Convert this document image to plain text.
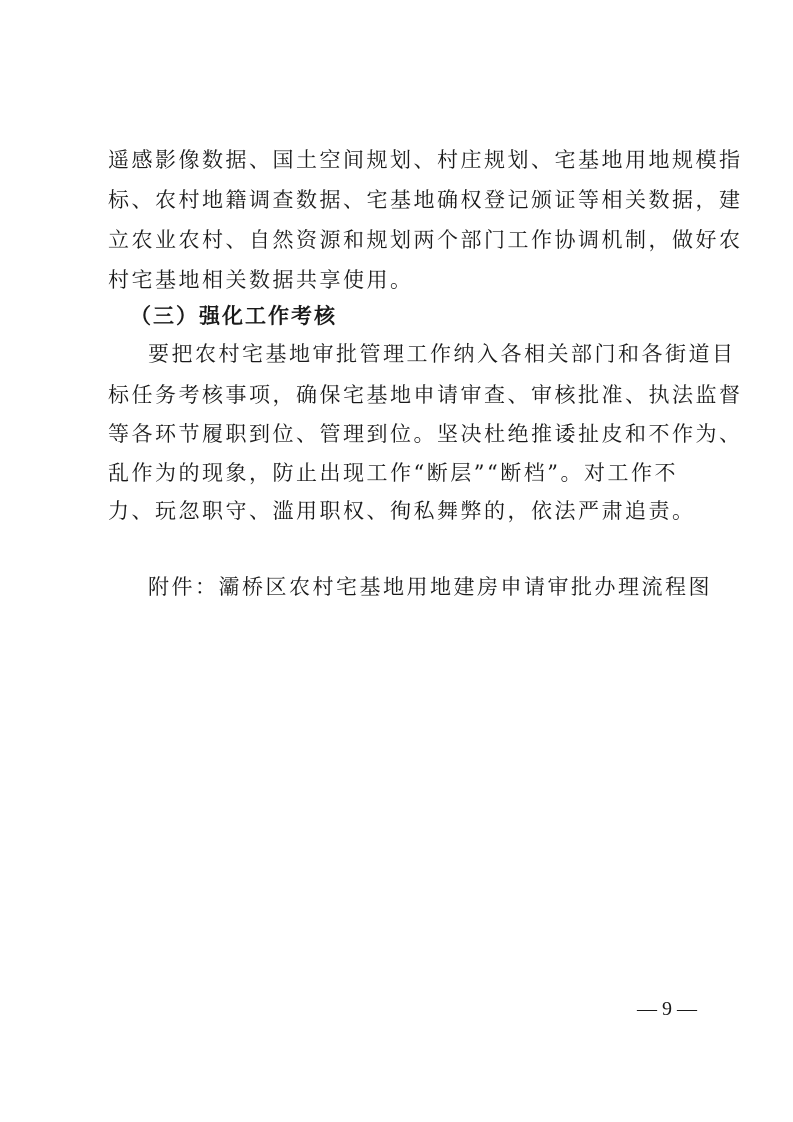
遥感影像数据、国土空间规划、村庄规划、宅基地用地规模指
标、农村地籍调查数据、宅基地确权登记颁证等相关数据，建
立农业农村、自然资源和规划两个部门工作协调机制，做好农
村宅基地相关数据共享使用。
（三）强化工作考核
要把农村宅基地审批管理工作纳入各相关部门和各街道目
标任务考核事项，确保宅基地申请审查、审核批准、执法监督
等各环节履职到位、管理到位。坚决杜绝推诿扯皮和不作为、
乱作为的现象，防止出现工作“断层”“断档”。对工作不
力、玩忽职守、滥用职权、徇私舞弊的，依法严肃追责。
附件：灞桥区农村宅基地用地建房申请审批办理流程图
— 9 —
